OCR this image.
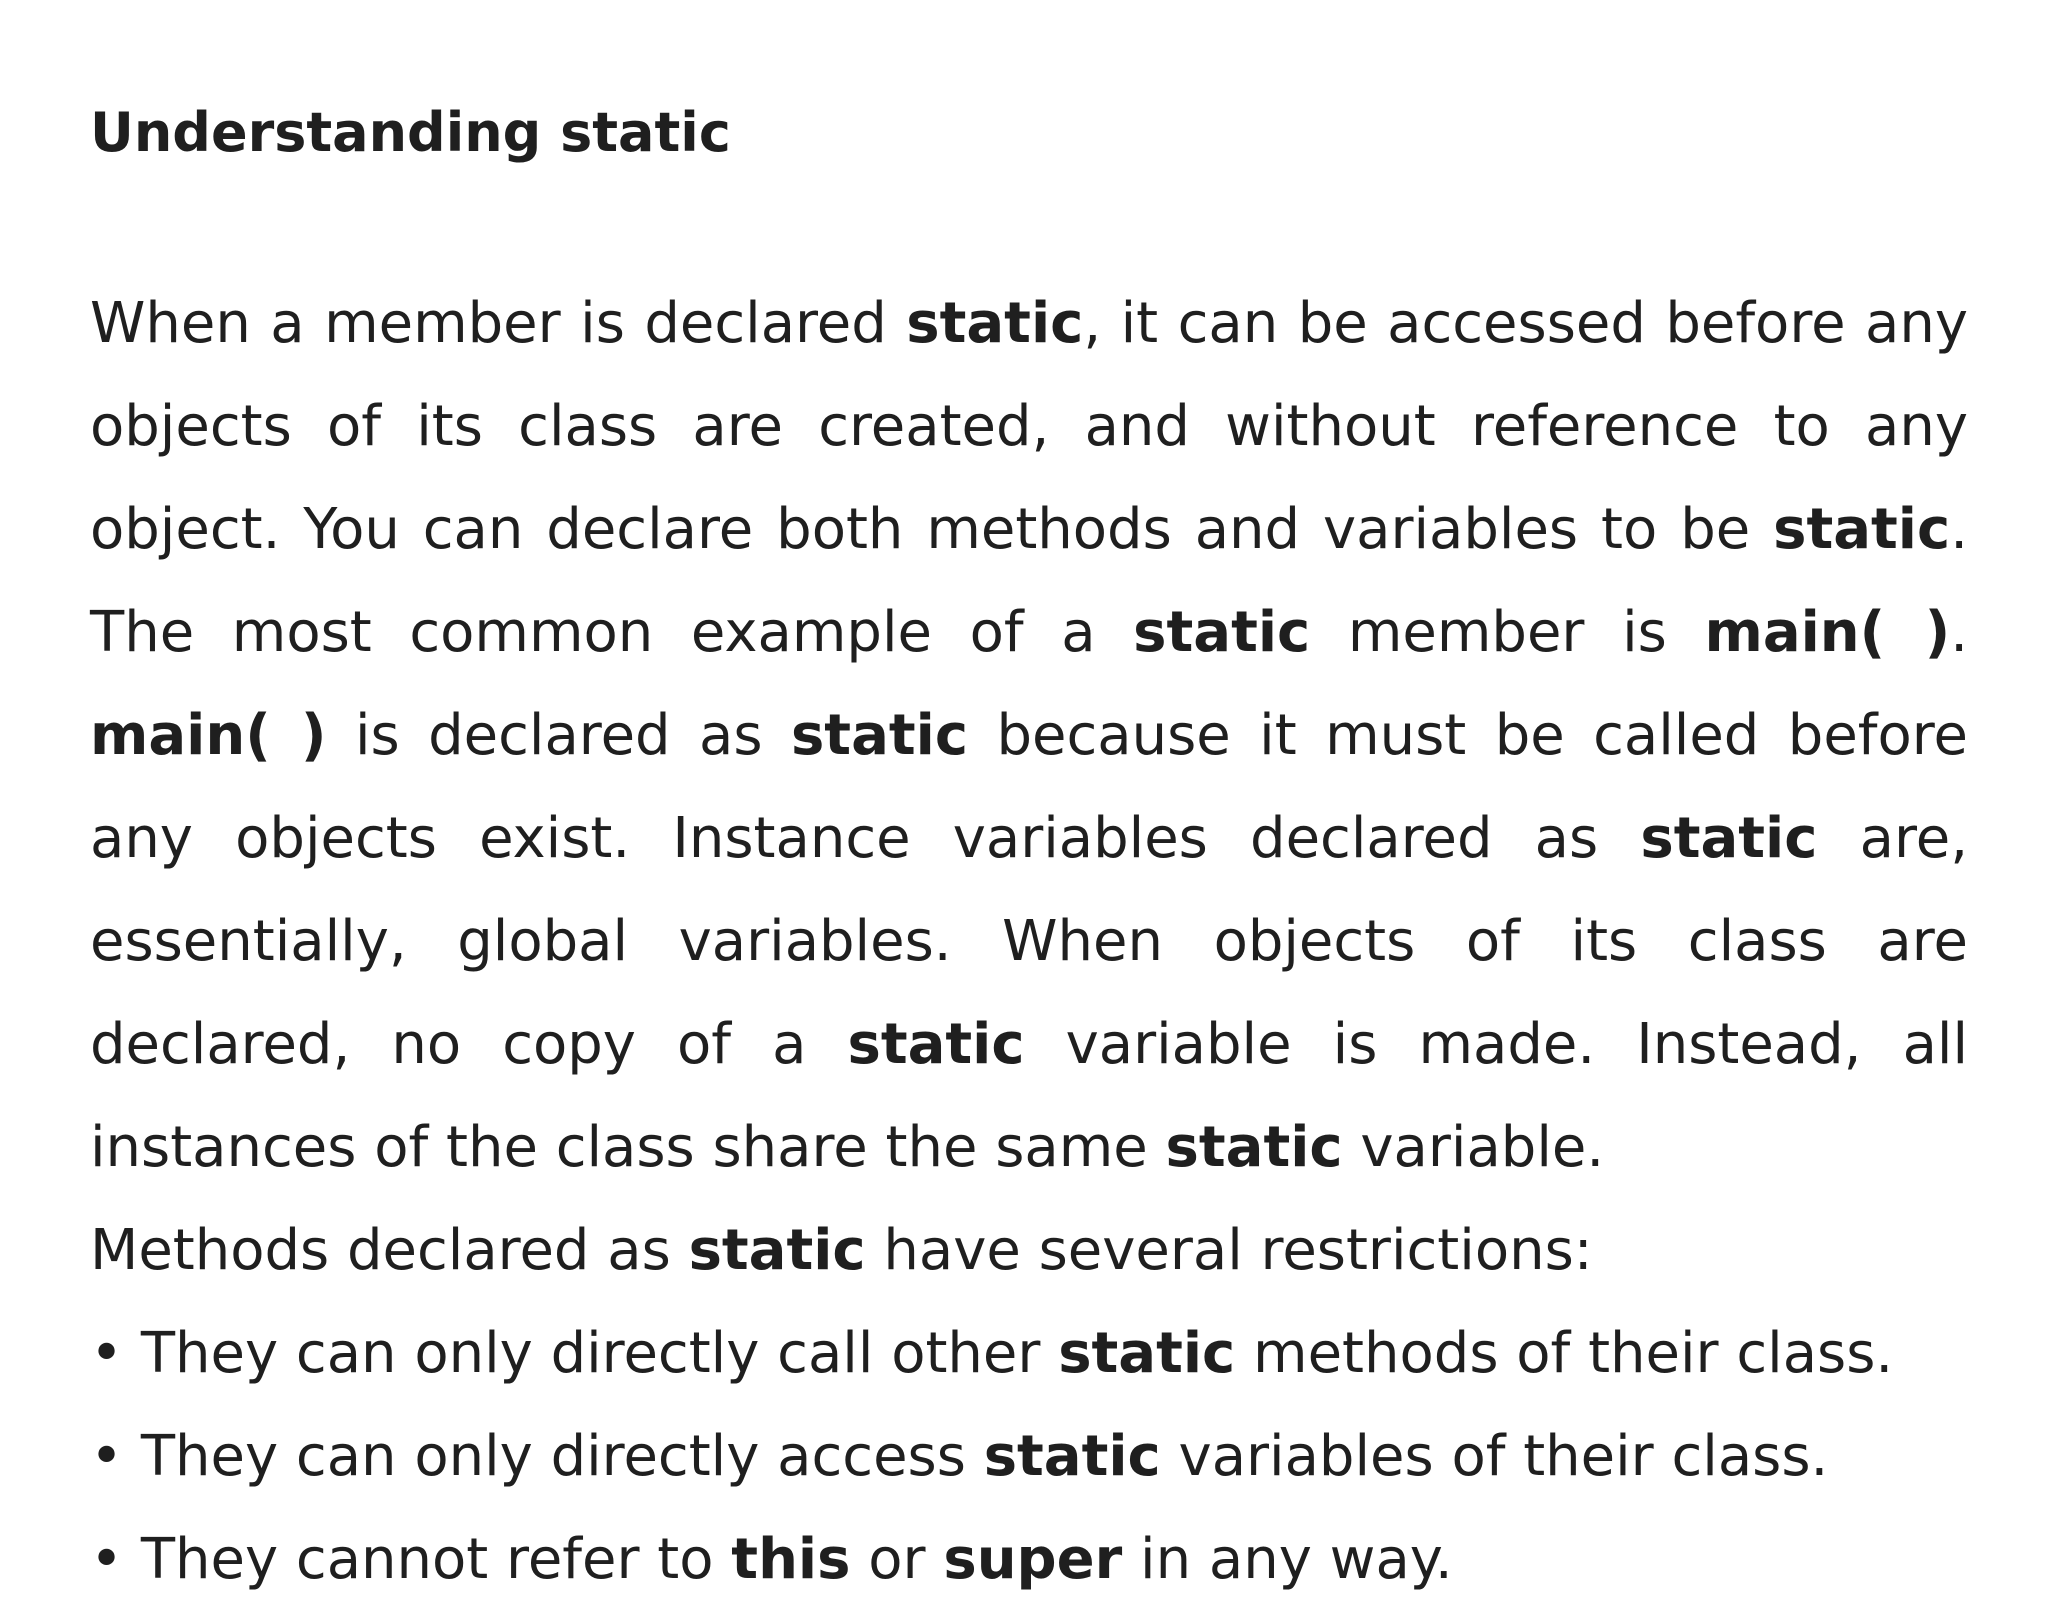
Understanding static

When a member is declared static, it can be accessed before any objects of its class are created, and without reference to any object. You can declare both methods and variables to be static. The most common example of a static member is main( ). main( ) is declared as static because it must be called before any objects exist. Instance variables declared as static are, essentially, global variables. When objects of its class are declared, no copy of a static variable is made. Instead, all instances of the class share the same static variable.

Methods declared as static have several restrictions:

• They can only directly call other static methods of their class.

• They can only directly access static variables of their class.

• They cannot refer to this or super in any way.
